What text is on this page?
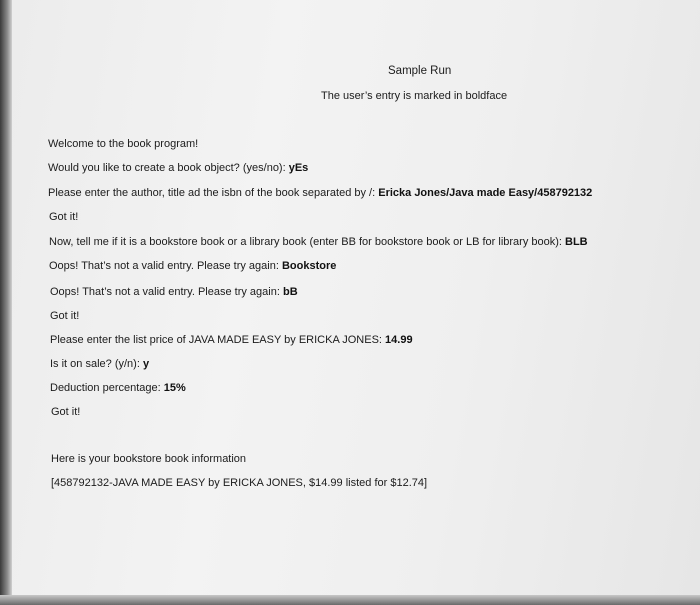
Sample Run
The user’s entry is marked in boldface
Welcome to the book program!
Would you like to create a book object? (yes/no): yEs
Please enter the author, title ad the isbn of the book separated by /: Ericka Jones/Java made Easy/458792132
Got it!
Now, tell me if it is a bookstore book or a library book (enter BB for bookstore book or LB for library book): BLB
Oops! That’s not a valid entry. Please try again: Bookstore
Oops! That’s not a valid entry. Please try again: bB
Got it!
Please enter the list price of JAVA MADE EASY by ERICKA JONES: 14.99
Is it on sale? (y/n): y
Deduction percentage: 15%
Got it!
Here is your bookstore book information
[458792132-JAVA MADE EASY by ERICKA JONES, $14.99 listed for $12.74]
